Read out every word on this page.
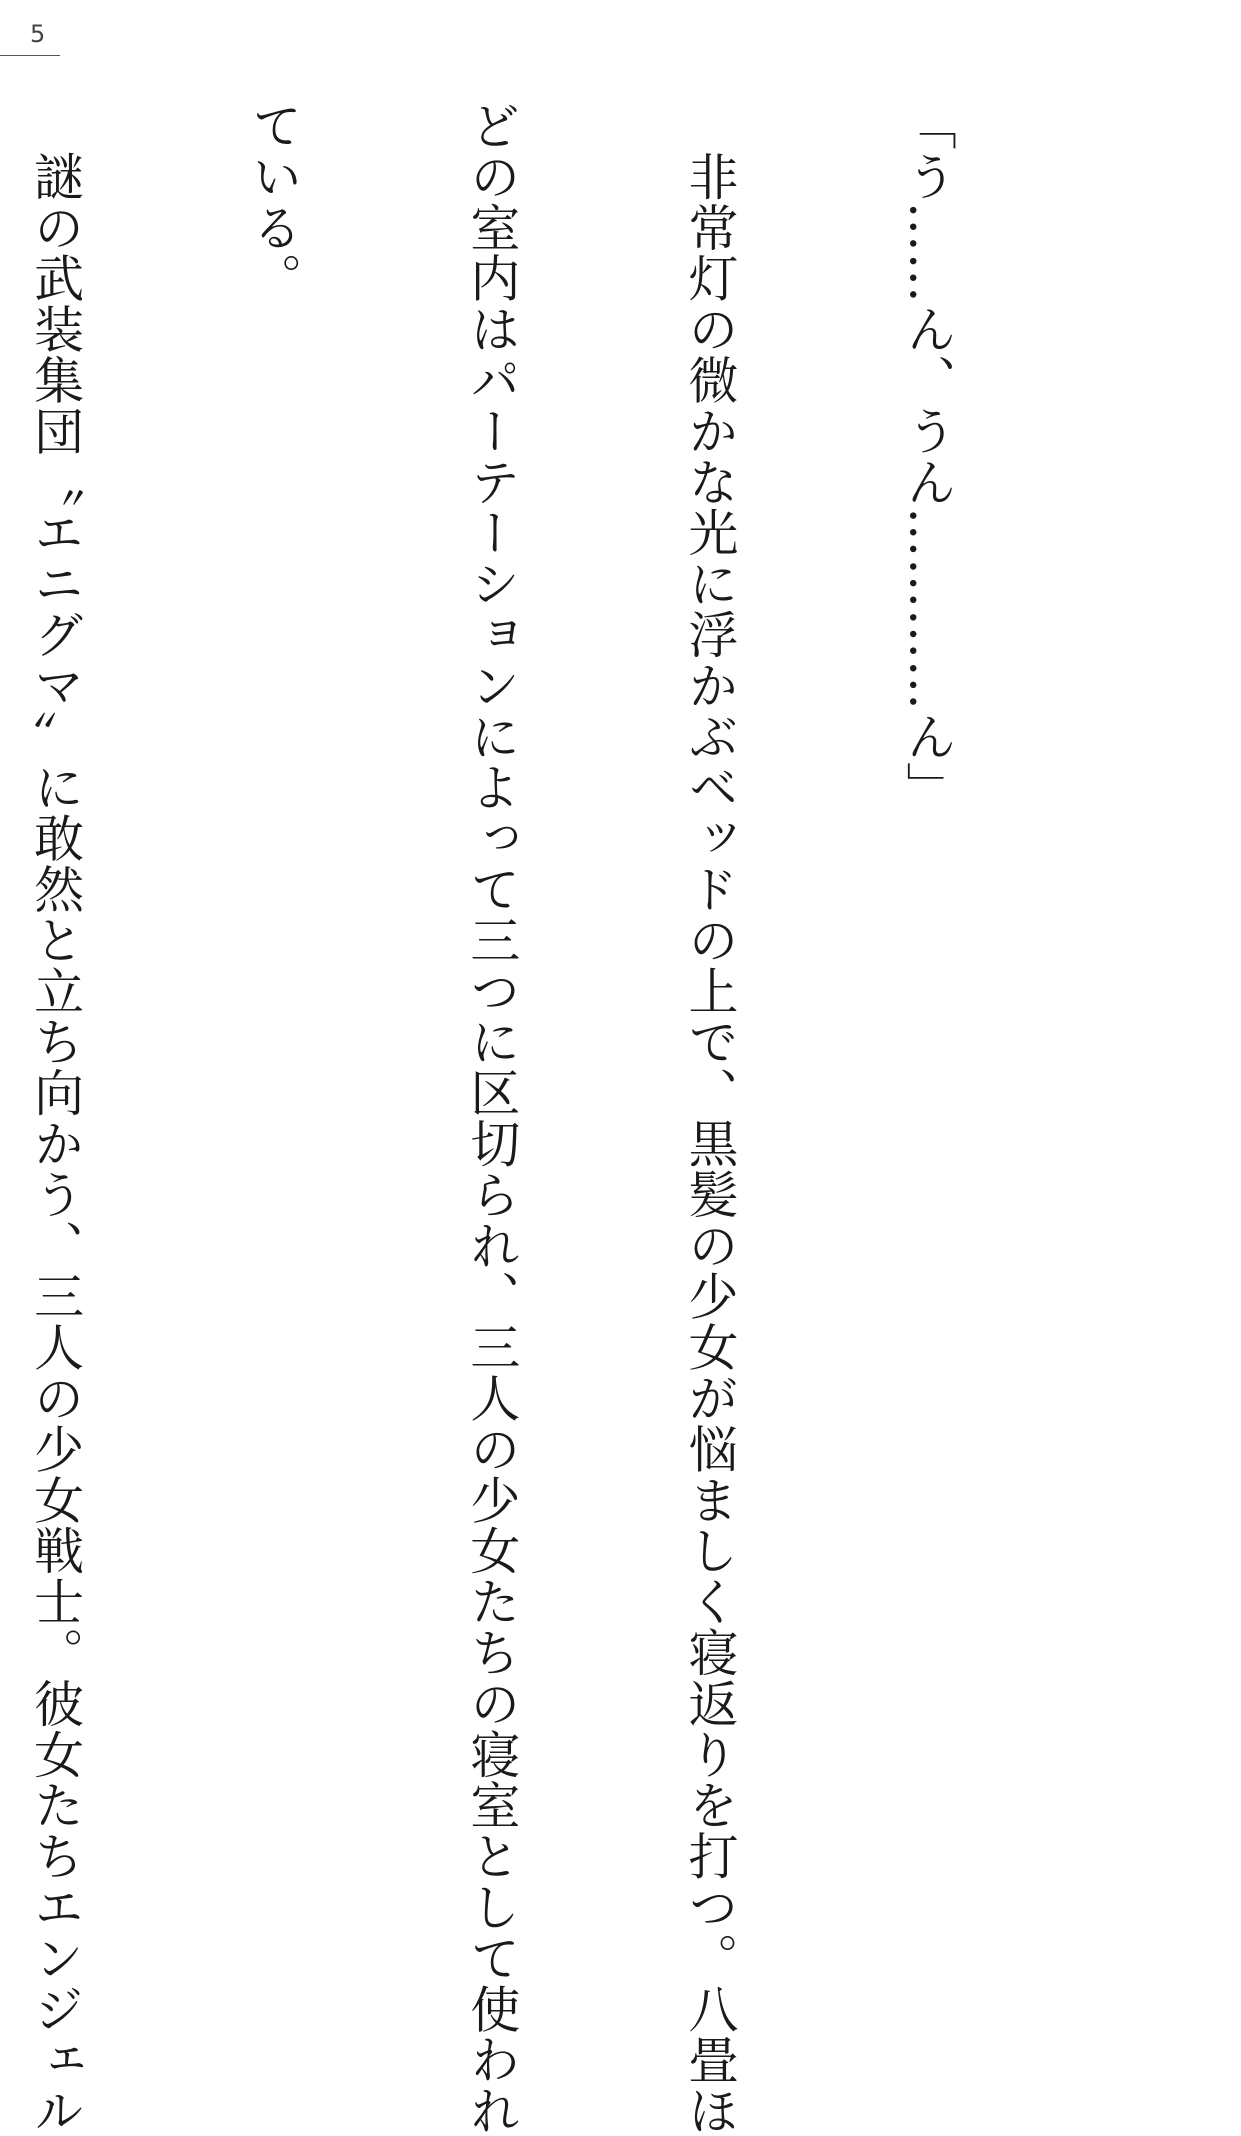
5

「う……ん、うん…………ん」

　非常灯の微かな光に浮かぶベッドの上で、黒髪の少女が悩ましく寝返りを打つ。八畳ほ

どの室内はパーテーションによって三つに区切られ、三人の少女たちの寝室として使われ

ている。

　謎の武装集団〝エニグマ〟に敢然と立ち向かう、三人の少女戦士。彼女たちエンジェル
